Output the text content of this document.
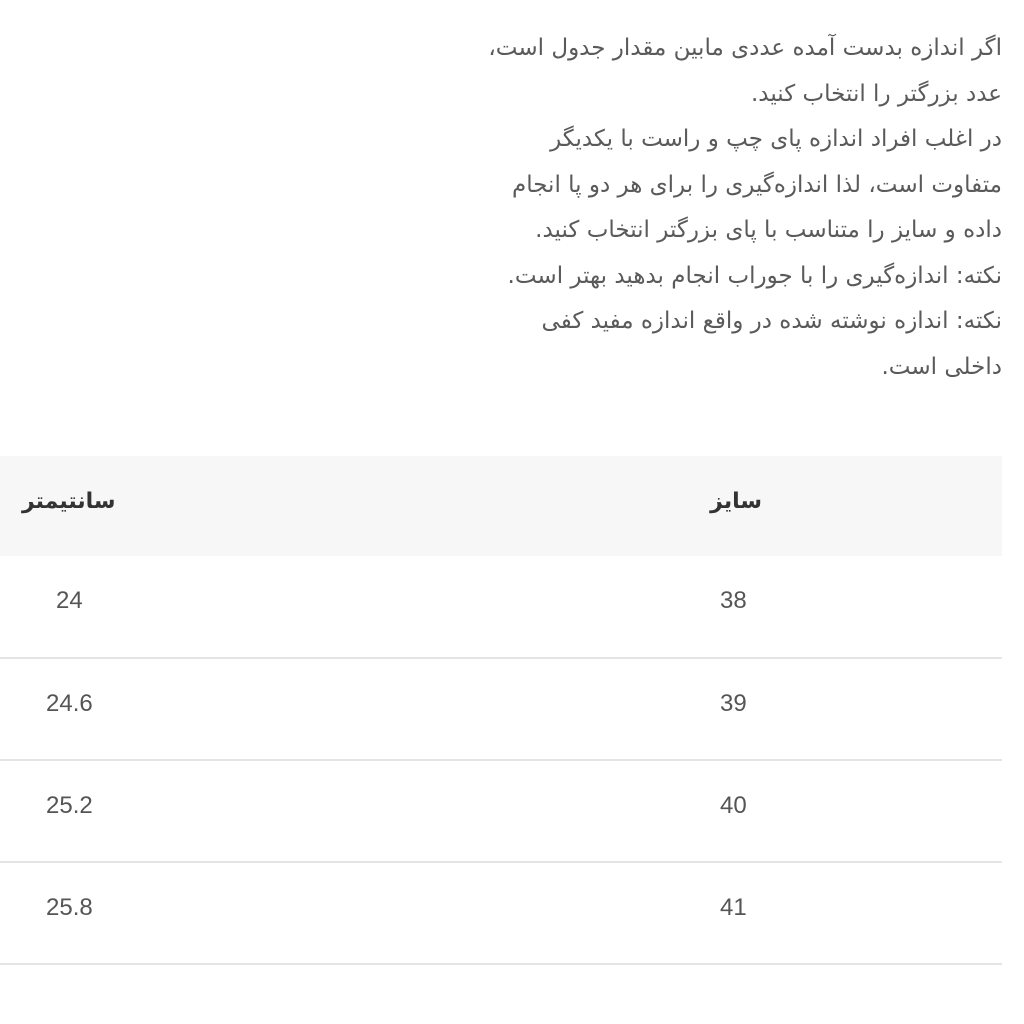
اگر اندازه بدست آمده عددی مابین مقدار جدول است،
عدد بزرگتر را انتخاب کنید.
در اغلب افراد اندازه پای چپ و راست با یکدیگر
متفاوت است، لذا اندازه‌گیری را برای هر دو پا انجام
داده و سایز را متناسب با پای بزرگتر انتخاب کنید.
نکته: اندازه‌گیری را با جوراب انجام بدهید بهتر است.
نکته: اندازه نوشته شده در واقع اندازه مفید کفی
داخلی است.
سایز
سانتیمتر
38
24
39
24.6
40
25.2
41
25.8
